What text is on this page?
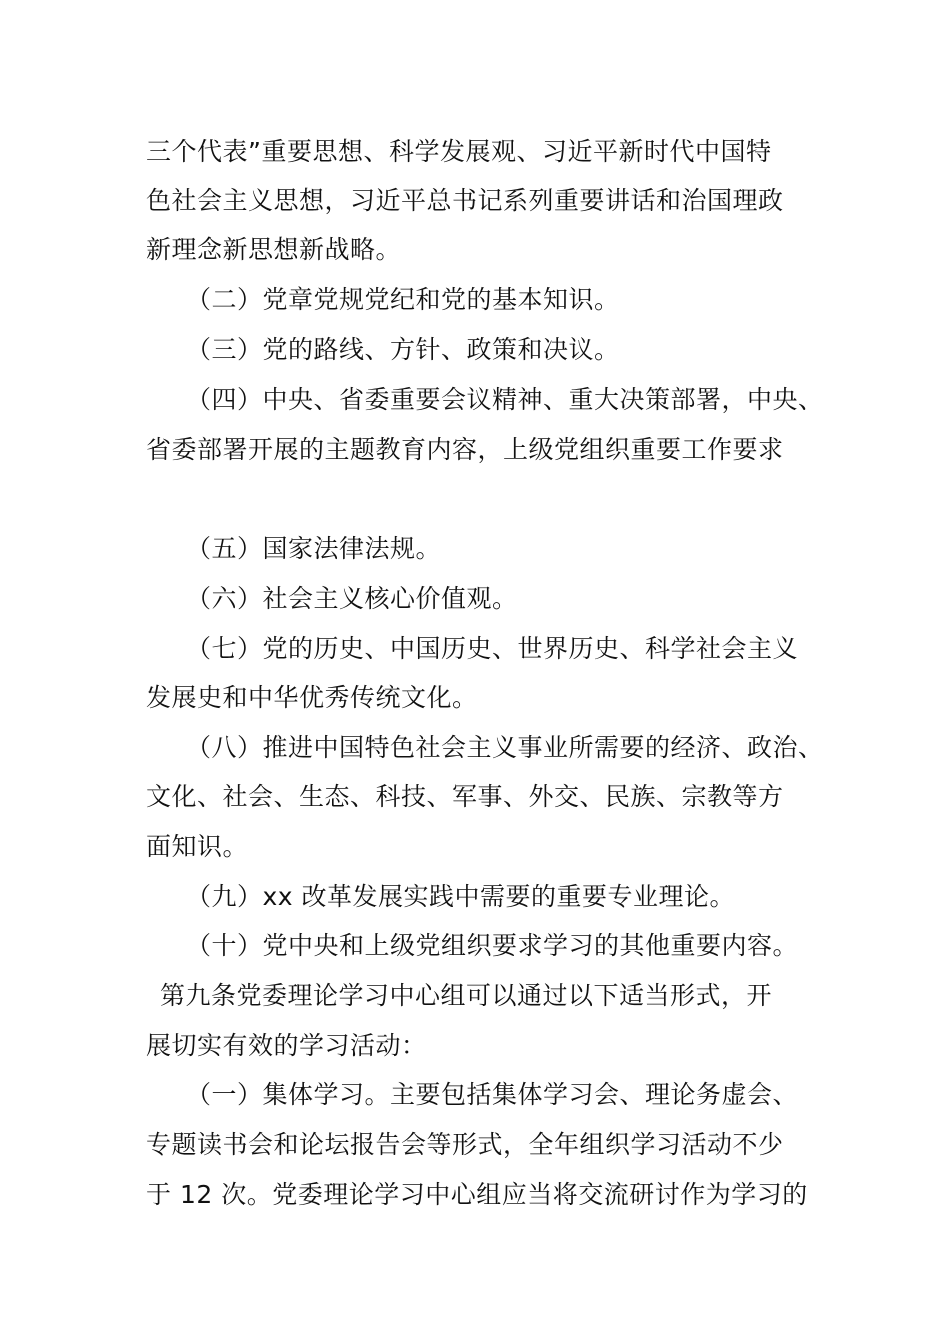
三个代表”重要思想、科学发展观、习近平新时代中国特
色社会主义思想，习近平总书记系列重要讲话和治国理政
新理念新思想新战略。
（二）党章党规党纪和党的基本知识。
（三）党的路线、方针、政策和决议。
（四）中央、省委重要会议精神、重大决策部署，中央、
省委部署开展的主题教育内容，上级党组织重要工作要求
（五）国家法律法规。
（六）社会主义核心价值观。
（七）党的历史、中国历史、世界历史、科学社会主义
发展史和中华优秀传统文化。
（八）推进中国特色社会主义事业所需要的经济、政治、
文化、社会、生态、科技、军事、外交、民族、宗教等方
面知识。
（九）xx 改革发展实践中需要的重要专业理论。
（十）党中央和上级党组织要求学习的其他重要内容。
第九条党委理论学习中心组可以通过以下适当形式，开
展切实有效的学习活动：
（一）集体学习。主要包括集体学习会、理论务虚会、
专题读书会和论坛报告会等形式，全年组织学习活动不少
于 12 次。党委理论学习中心组应当将交流研讨作为学习的
